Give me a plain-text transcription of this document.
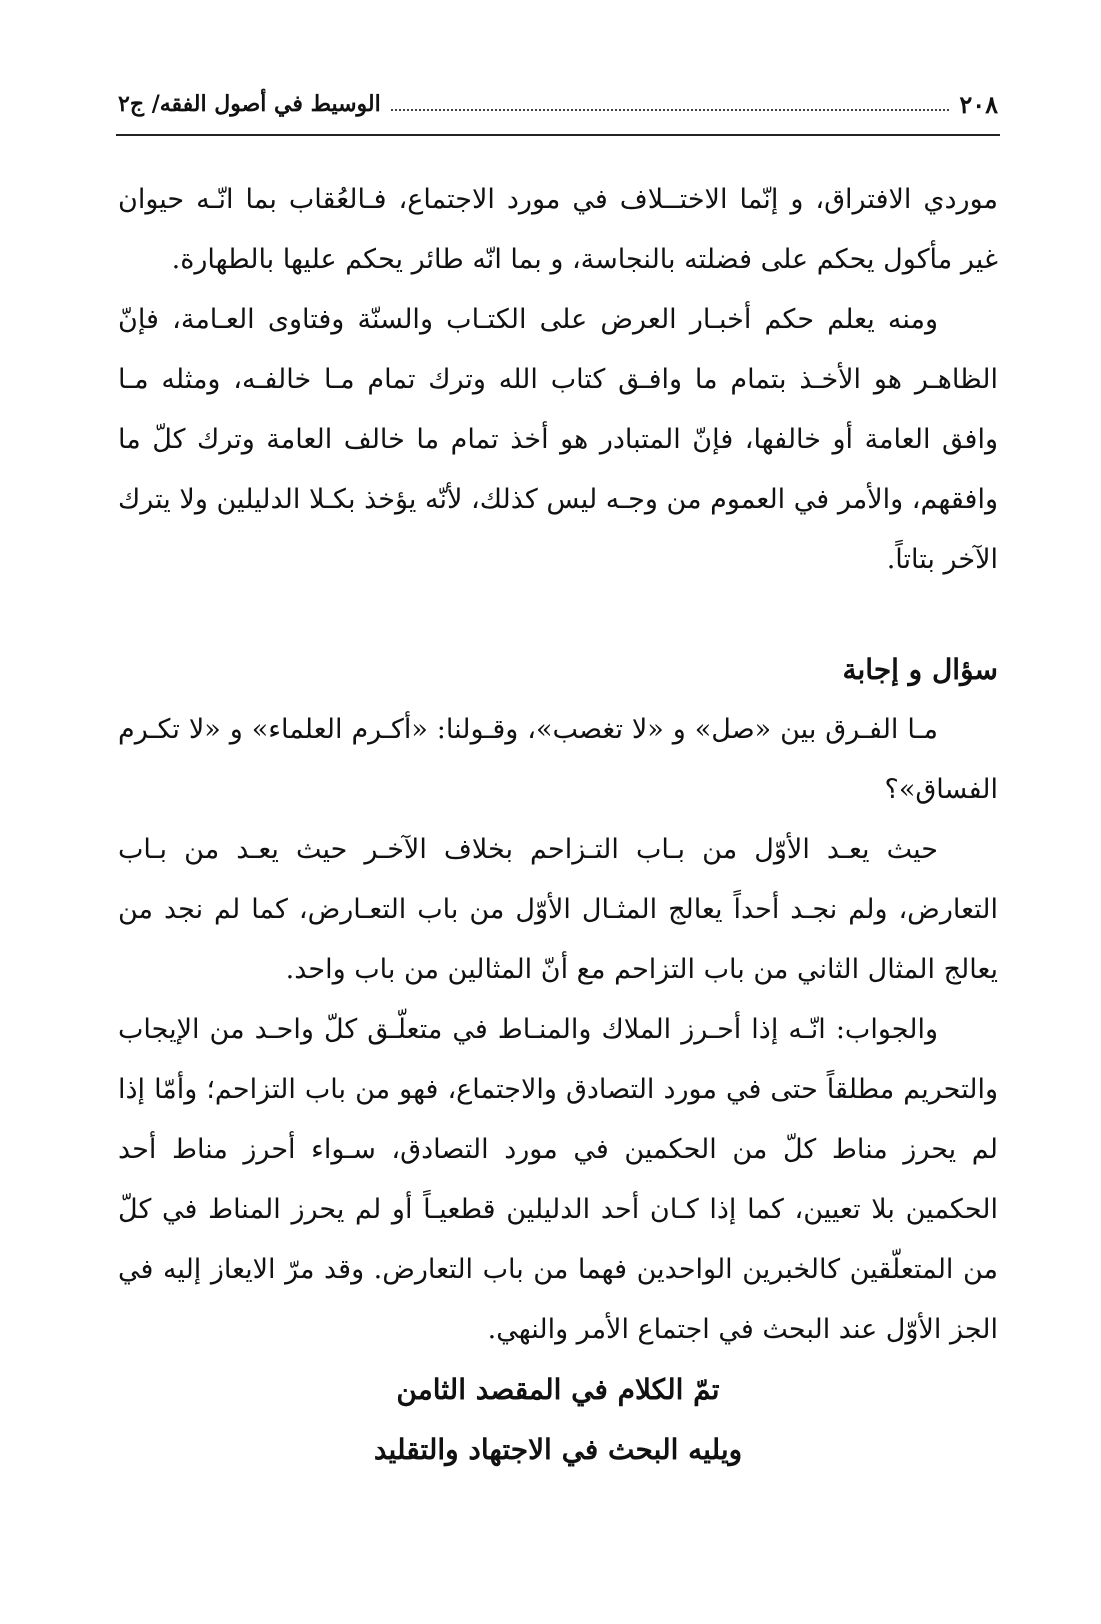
٢٠٨
الوسيط في أصول الفقه/ ج٢

موردي الافتراق، و إنّما الاختــلاف في مورد الاجتماع، فـالعُقاب بما انّـه حيوان غير مأكول يحكم على فضلته بالنجاسة، و بما انّه طائر يحكم عليها بالطهارة.

ومنه يعلم حكم أخبـار العرض على الكتـاب والسنّة وفتاوى العـامة، فإنّ الظاهـر هو الأخـذ بتمام ما وافـق كتاب الله وترك تمام مـا خالفـه، ومثله مـا وافق العامة أو خالفها، فإنّ المتبادر هو أخذ تمام ما خالف العامة وترك كلّ ما وافقهم، والأمر في العموم من وجـه ليس كذلك، لأنّه يؤخذ بكـلا الدليلين ولا يترك الآخر بتاتاً.

سؤال و إجابة

مـا الفـرق بين «صل» و «لا تغصب»، وقـولنا: «أكـرم العلماء» و «لا تكـرم الفساق»؟

حيث يعـد الأوّل من بـاب التـزاحم بخلاف الآخـر حيث يعـد من بـاب التعارض، ولم نجـد أحداً يعالج المثـال الأوّل من باب التعـارض، كما لم نجد من يعالج المثال الثاني من باب التزاحم مع أنّ المثالين من باب واحد.

والجواب: انّـه إذا أحـرز الملاك والمنـاط في متعلّـق كلّ واحـد من الإيجاب والتحريم مطلقاً حتى في مورد التصادق والاجتماع، فهو من باب التزاحم؛ وأمّا إذا لم يحرز مناط كلّ من الحكمين في مورد التصادق، سـواء أحرز مناط أحد الحكمين بلا تعيين، كما إذا كـان أحد الدليلين قطعيـاً أو لم يحرز المناط في كلّ من المتعلّقين كالخبرين الواحدين فهما من باب التعارض. وقد مرّ الايعاز إليه في الجز الأوّل عند البحث في اجتماع الأمر والنهي.

تمّ الكلام في المقصد الثامن

ويليه البحث في الاجتهاد والتقليد
